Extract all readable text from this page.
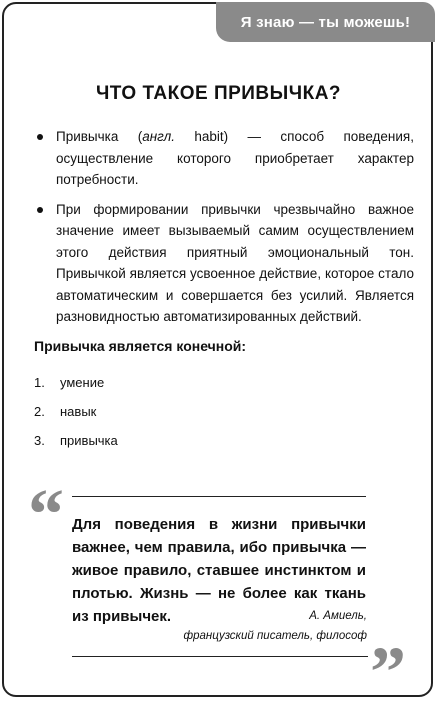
Я знаю — ты можешь!
ЧТО ТАКОЕ ПРИВЫЧКА?
Привычка (англ. habit) — способ поведения, осуществление которого приобретает характер потребности.
При формировании привычки чрезвычайно важное значение имеет вызываемый самим осуществлением этого действия приятный эмоциональный тон. Привычкой является усвоенное действие, которое стало автоматическим и совершается без усилий. Является разновидностью автоматизированных действий.
Привычка является конечной:
1.	умение
2.	навык
3.	привычка
“ Для поведения в жизни привычки важнее, чем правила, ибо привычка — живое правило, ставшее инстинктом и плотью. Жизнь — не более как ткань из привычек.	А. Амиель,
французский писатель, философ ”
